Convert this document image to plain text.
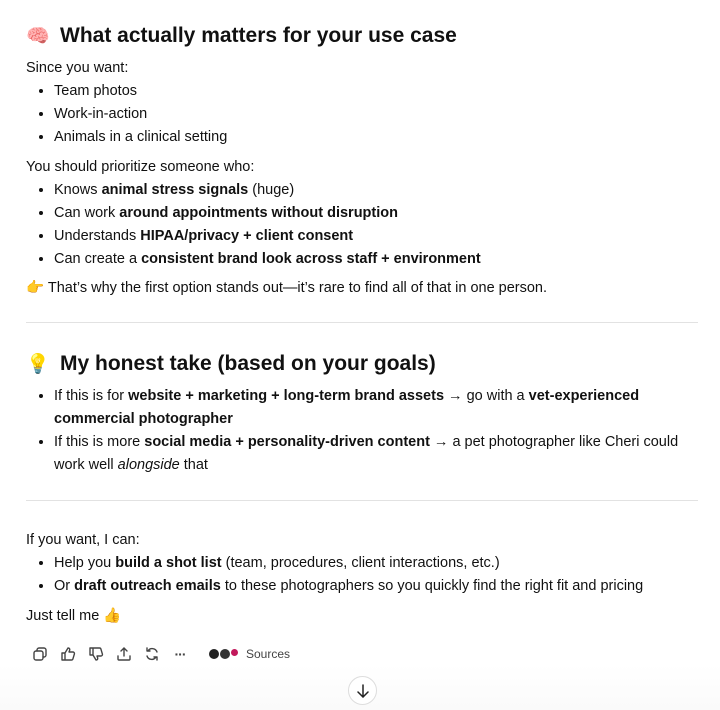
🧠 What actually matters for your use case

Since you want:

• Team photos
• Work-in-action
• Animals in a clinical setting

You should prioritize someone who:

• Knows animal stress signals (huge)
• Can work around appointments without disruption
• Understands HIPAA/privacy + client consent
• Can create a consistent brand look across staff + environment

👉 That’s why the first option stands out—it’s rare to find all of that in one person.

💡 My honest take (based on your goals)
• If this is for website + marketing + long-term brand assets → go with a vet-experienced commercial photographer
• If this is more social media + personality-driven content → a pet photographer like Cheri could work well alongside that

If you want, I can:

• Help you build a shot list (team, procedures, client interactions, etc.)
• Or draft outreach emails to these photographers so you quickly find the right fit and pricing

Just tell me 👍

···	Sources
